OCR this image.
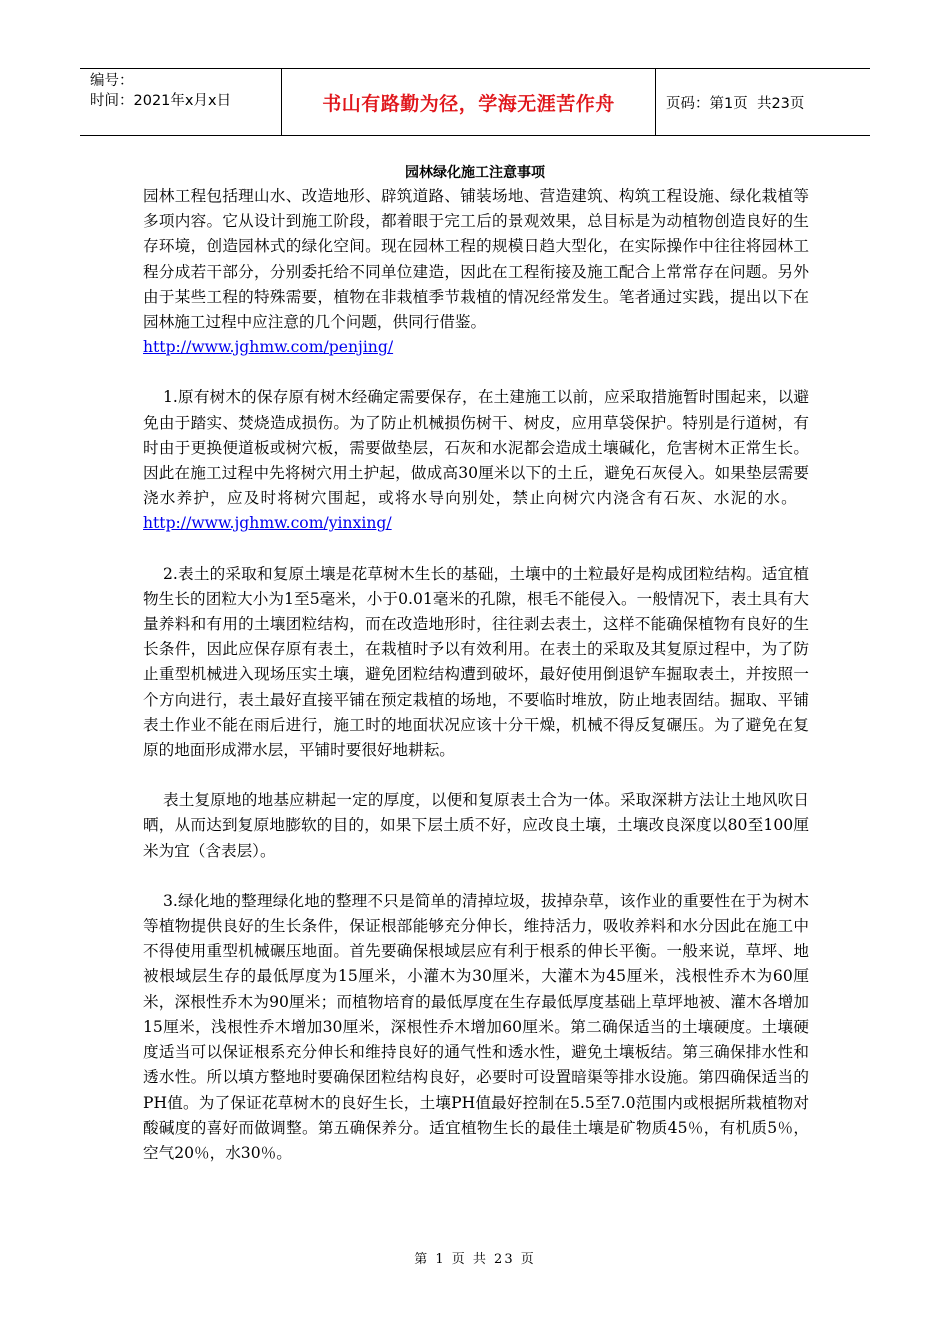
编号：
时间：2021年x月x日	书山有路勤为径，学海无涯苦作舟	页码：第1页  共23页
园林绿化施工注意事项

园林工程包括理山水、改造地形、辟筑道路、铺装场地、营造建筑、构筑工程设施、绿化栽植等多项内容。它从设计到施工阶段，都着眼于完工后的景观效果，总目标是为动植物创造良好的生存环境，创造园林式的绿化空间。现在园林工程的规模日趋大型化，在实际操作中往往将园林工程分成若干部分，分别委托给不同单位建造，因此在工程衔接及施工配合上常常存在问题。另外由于某些工程的特殊需要，植物在非栽植季节栽植的情况经常发生。笔者通过实践，提出以下在园林施工过程中应注意的几个问题，供同行借鉴。
http://www.jghmw.com/penjing/

1.原有树木的保存原有树木经确定需要保存，在土建施工以前，应采取措施暂时围起来，以避免由于踏实、焚烧造成损伤。为了防止机械损伤树干、树皮，应用草袋保护。特别是行道树，有时由于更换便道板或树穴板，需要做垫层，石灰和水泥都会造成土壤碱化，危害树木正常生长。因此在施工过程中先将树穴用土护起，做成高30厘米以下的土丘，避免石灰侵入。如果垫层需要浇水养护，应及时将树穴围起，或将水导向别处，禁止向树穴内浇含有石灰、水泥的水。   http://www.jghmw.com/yinxing/

2.表土的采取和复原土壤是花草树木生长的基础，土壤中的土粒最好是构成团粒结构。适宜植物生长的团粒大小为1至5毫米，小于0.01毫米的孔隙，根毛不能侵入。一般情况下，表土具有大量养料和有用的土壤团粒结构，而在改造地形时，往往剥去表土，这样不能确保植物有良好的生长条件，因此应保存原有表土，在栽植时予以有效利用。在表土的采取及其复原过程中，为了防止重型机械进入现场压实土壤，避免团粒结构遭到破坏，最好使用倒退铲车掘取表土，并按照一个方向进行，表土最好直接平铺在预定栽植的场地，不要临时堆放，防止地表固结。掘取、平铺表土作业不能在雨后进行，施工时的地面状况应该十分干燥，机械不得反复碾压。为了避免在复原的地面形成滞水层，平铺时要很好地耕耘。

表土复原地的地基应耕起一定的厚度，以便和复原表土合为一体。采取深耕方法让土地风吹日晒，从而达到复原地膨软的目的，如果下层土质不好，应改良土壤，土壤改良深度以80至100厘米为宜（含表层）。

3.绿化地的整理绿化地的整理不只是简单的清掉垃圾，拔掉杂草，该作业的重要性在于为树木等植物提供良好的生长条件，保证根部能够充分伸长，维持活力，吸收养料和水分因此在施工中不得使用重型机械碾压地面。首先要确保根域层应有利于根系的伸长平衡。一般来说，草坪、地被根域层生存的最低厚度为15厘米，小灌木为30厘米，大灌木为45厘米，浅根性乔木为60厘米，深根性乔木为90厘米；而植物培育的最低厚度在生存最低厚度基础上草坪地被、灌木各增加15厘米，浅根性乔木增加30厘米，深根性乔木增加60厘米。第二确保适当的土壤硬度。土壤硬度适当可以保证根系充分伸长和维持良好的通气性和透水性，避免土壤板结。第三确保排水性和透水性。所以填方整地时要确保团粒结构良好，必要时可设置暗渠等排水设施。第四确保适当的PH值。为了保证花草树木的良好生长，土壤PH值最好控制在5.5至7.0范围内或根据所栽植物对酸碱度的喜好而做调整。第五确保养分。适宜植物生长的最佳土壤是矿物质45％，有机质5％，空气20％，水30％。

第 1 页 共 23 页
